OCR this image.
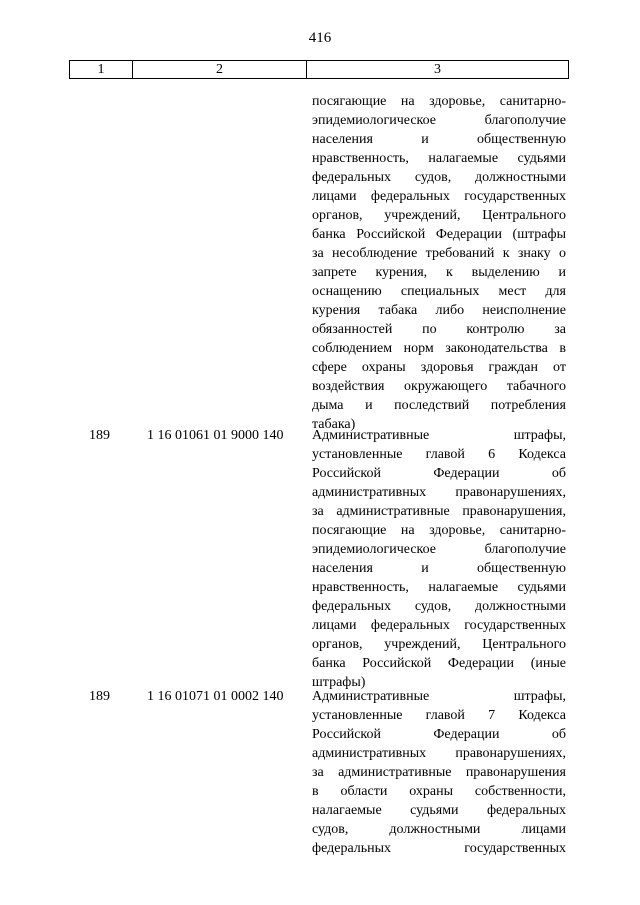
416
1	2	3
посягающие на здоровье, санитарно-
эпидемиологическое	благополучие
населения	и	общественную
нравственность, налагаемые судьями
федеральных судов, должностными
лицами федеральных государственных
органов, учреждений, Центрального
банка Российской Федерации (штрафы
за несоблюдение требований к знаку о
запрете курения, к выделению и
оснащению специальных мест для
курения табака либо неисполнение
обязанностей по контролю за
соблюдением норм законодательства в
сфере охраны здоровья граждан от
воздействия окружающего табачного
дыма и последствий потребления
табака)
189	1 16 01061 01 9000 140	Административные	штрафы,
установленные главой 6 Кодекса
Российской	Федерации	об
административных правонарушениях,
за административные правонарушения,
посягающие на здоровье, санитарно-
эпидемиологическое	благополучие
населения	и	общественную
нравственность, налагаемые судьями
федеральных судов, должностными
лицами федеральных государственных
органов, учреждений, Центрального
банка Российской Федерации (иные
штрафы)
189	1 16 01071 01 0002 140	Административные	штрафы,
установленные главой 7 Кодекса
Российской	Федерации	об
административных правонарушениях,
за административные правонарушения
в области охраны собственности,
налагаемые судьями федеральных
судов,	должностными	лицами
федеральных	государственных
